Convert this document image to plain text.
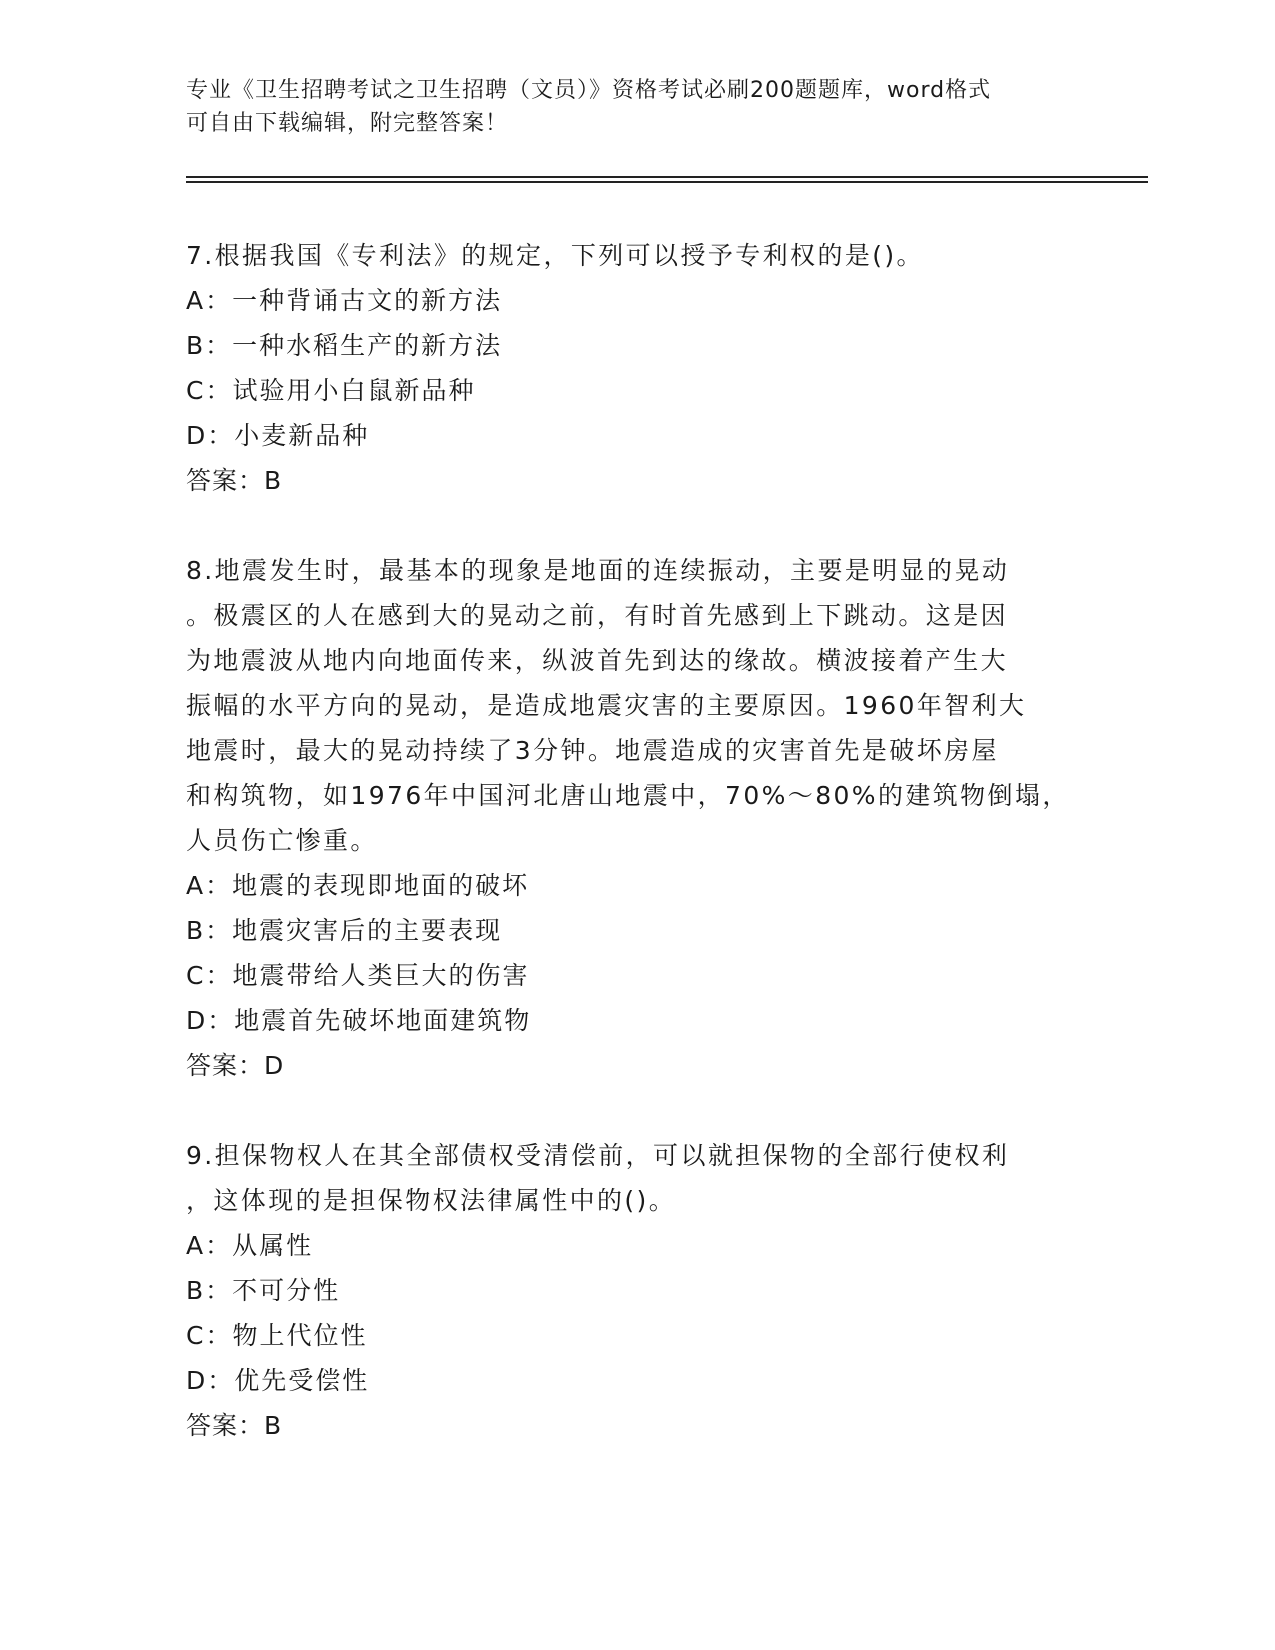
专业《卫生招聘考试之卫生招聘（文员）》资格考试必刷200题题库，word格式
可自由下载编辑，附完整答案！
7.根据我国《专利法》的规定，下列可以授予专利权的是()。
A：一种背诵古文的新方法
B：一种水稻生产的新方法
C：试验用小白鼠新品种
D：小麦新品种
答案：B
8.地震发生时，最基本的现象是地面的连续振动，主要是明显的晃动
。极震区的人在感到大的晃动之前，有时首先感到上下跳动。这是因
为地震波从地内向地面传来，纵波首先到达的缘故。横波接着产生大
振幅的水平方向的晃动，是造成地震灾害的主要原因。1960年智利大
地震时，最大的晃动持续了3分钟。地震造成的灾害首先是破坏房屋
和构筑物，如1976年中国河北唐山地震中，70%～80%的建筑物倒塌，
人员伤亡惨重。
A：地震的表现即地面的破坏
B：地震灾害后的主要表现
C：地震带给人类巨大的伤害
D：地震首先破坏地面建筑物
答案：D
9.担保物权人在其全部债权受清偿前，可以就担保物的全部行使权利
，这体现的是担保物权法律属性中的()。
A：从属性
B：不可分性
C：物上代位性
D：优先受偿性
答案：B
